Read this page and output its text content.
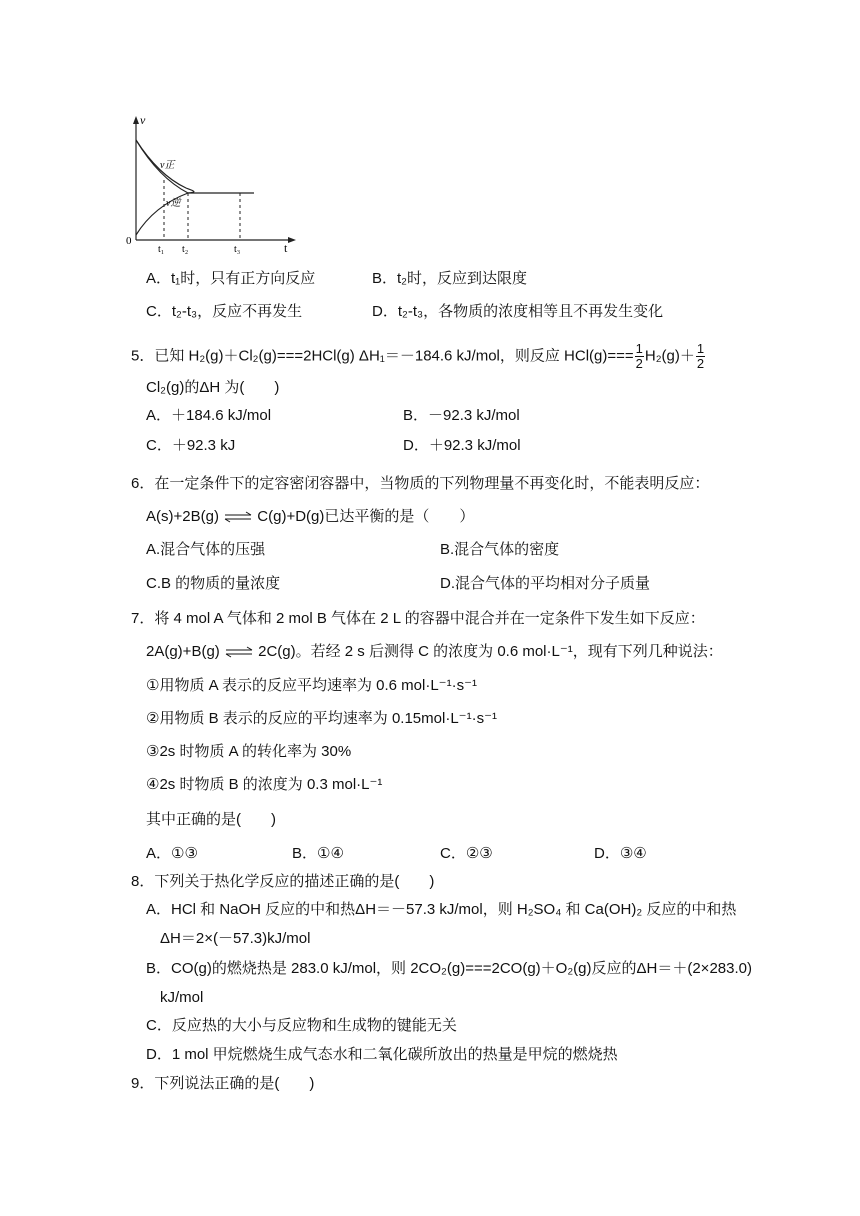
v
t
0
v正
v逆
t₁ t₂	t₃
A．t₁时，只有正方向反应	B．t₂时，反应到达限度
C．t₂-t₃，反应不再发生	D．t₂-t₃，各物质的浓度相等且不再发生变化
5．已知 H₂(g)＋Cl₂(g)===2HCl(g) ΔH₁＝－184.6 kJ/mol，则反应 $HCl(g)=== \frac{1}{2} H_2(g)+ \frac{1}{2}$
Cl₂(g)的ΔH 为(　　)
A．＋184.6 kJ/mol	B．－92.3 kJ/mol
C．＋92.3 kJ	D．＋92.3 kJ/mol
6．在一定条件下的定容密闭容器中，当物质的下列物理量不再变化时，不能表明反应：
A(s)+2B(g) ⇌ C(g)+D(g)已达平衡的是（　　）
A.混合气体的压强	B.混合气体的密度
C.B 的物质的量浓度	D.混合气体的平均相对分子质量
7．将 4 mol A 气体和 2 mol B 气体在 2 L 的容器中混合并在一定条件下发生如下反应：
2A(g)+B(g) ⇌ 2C(g)。若经 2 s 后测得 C 的浓度为 0.6 mol·L⁻¹，现有下列几种说法：
①用物质 A 表示的反应平均速率为 0.6 mol·L⁻¹·s⁻¹
②用物质 B 表示的反应的平均速率为 0.15mol·L⁻¹·s⁻¹
③2s 时物质 A 的转化率为 30%
④2s 时物质 B 的浓度为 0.3 mol·L⁻¹
其中正确的是(　　)
A．①③	B．①④	C．②③	D．③④
8．下列关于热化学反应的描述正确的是(　　)
A．HCl 和 NaOH 反应的中和热ΔH＝－57.3 kJ/mol，则 H₂SO₄ 和 Ca(OH)₂ 反应的中和热
ΔH＝2×(－57.3)kJ/mol
B．CO(g)的燃烧热是 283.0 kJ/mol，则 2CO₂(g)===2CO(g)＋O₂(g)反应的ΔH＝＋(2×283.0)
kJ/mol
C．反应热的大小与反应物和生成物的键能无关
D．1 mol 甲烷燃烧生成气态水和二氧化碳所放出的热量是甲烷的燃烧热
9．下列说法正确的是(　　)
